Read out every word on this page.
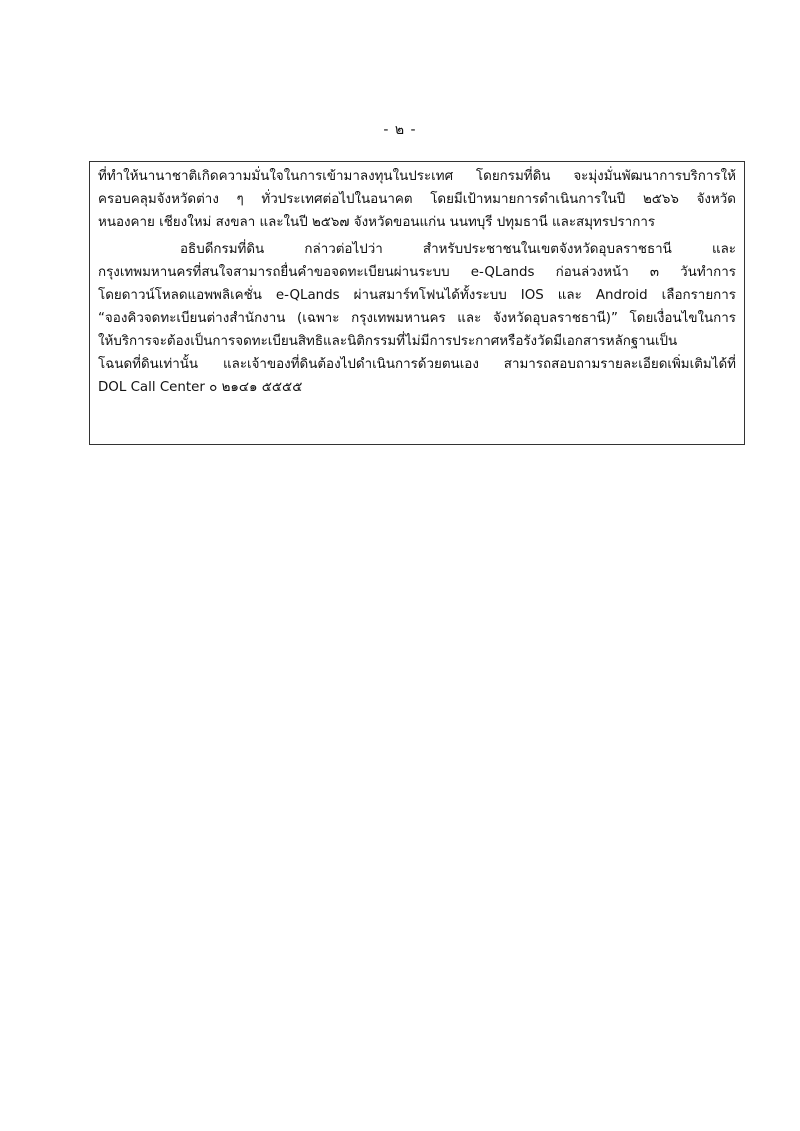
- ๒ -
ที่ทำให้นานาชาติเกิดความมั่นใจในการเข้ามาลงทุนในประเทศ โดยกรมที่ดิน จะมุ่งมั่นพัฒนาการบริการให้
ครอบคลุมจังหวัดต่าง ๆ ทั่วประเทศต่อไปในอนาคต โดยมีเป้าหมายการดำเนินการในปี ๒๕๖๖ จังหวัด
หนองคาย เชียงใหม่ สงขลา และในปี ๒๕๖๗ จังหวัดขอนแก่น นนทบุรี ปทุมธานี และสมุทรปราการ
อธิบดีกรมที่ดิน กล่าวต่อไปว่า สำหรับประชาชนในเขตจังหวัดอุบลราชธานี และ
กรุงเทพมหานครที่สนใจสามารถยื่นคำขอจดทะเบียนผ่านระบบ e-QLands ก่อนล่วงหน้า ๓ วันทำการ
โดยดาวน์โหลดแอพพลิเคชั่น e-QLands ผ่านสมาร์ทโฟนได้ทั้งระบบ IOS และ Android เลือกรายการ
“จองคิวจดทะเบียนต่างสำนักงาน (เฉพาะ กรุงเทพมหานคร และ จังหวัดอุบลราชธานี)” โดยเงื่อนไขในการ
ให้บริการจะต้องเป็นการจดทะเบียนสิทธิและนิติกรรมที่ไม่มีการประกาศหรือรังวัดมีเอกสารหลักฐานเป็น
โฉนดที่ดินเท่านั้น และเจ้าของที่ดินต้องไปดำเนินการด้วยตนเอง สามารถสอบถามรายละเอียดเพิ่มเติมได้ที่
DOL Call Center ๐ ๒๑๔๑ ๕๕๕๕
